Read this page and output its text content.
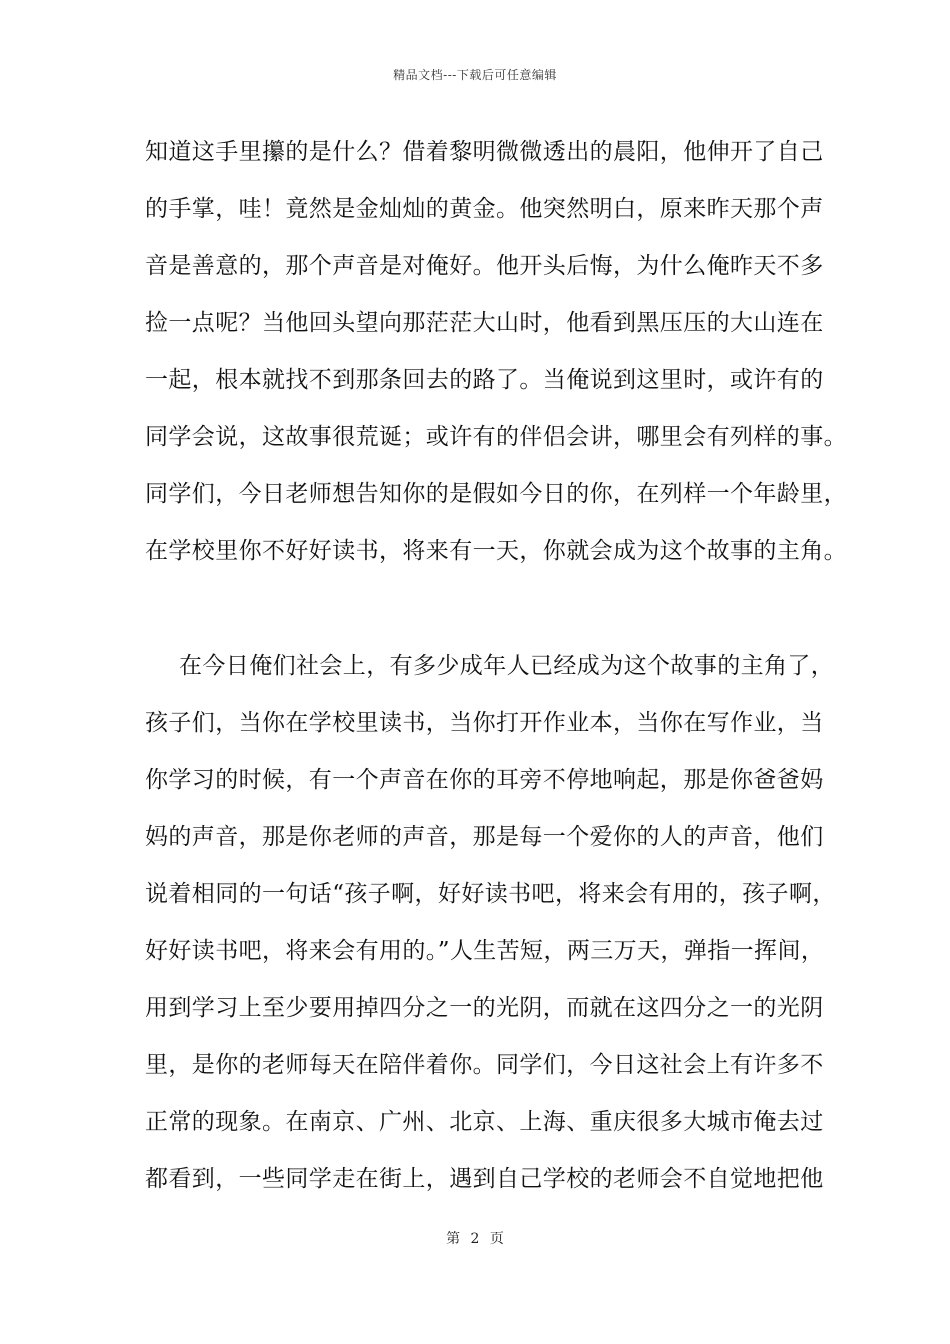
精品文档---下载后可任意编辑
知道这手里攥的是什么？借着黎明微微透出的晨阳，他伸开了自己
的手掌，哇！竟然是金灿灿的黄金。他突然明白，原来昨天那个声
音是善意的，那个声音是对俺好。他开头后悔，为什么俺昨天不多
捡一点呢？当他回头望向那茫茫大山时，他看到黑压压的大山连在
一起，根本就找不到那条回去的路了。当俺说到这里时，或许有的
同学会说，这故事很荒诞；或许有的伴侣会讲，哪里会有列样的事。
同学们，今日老师想告知你的是假如今日的你，在列样一个年龄里，
在学校里你不好好读书，将来有一天，你就会成为这个故事的主角。
在今日俺们社会上，有多少成年人已经成为这个故事的主角了，
孩子们，当你在学校里读书，当你打开作业本，当你在写作业，当
你学习的时候，有一个声音在你的耳旁不停地响起，那是你爸爸妈
妈的声音，那是你老师的声音，那是每一个爱你的人的声音，他们
说着相同的一句话“孩子啊，好好读书吧，将来会有用的，孩子啊，
好好读书吧，将来会有用的。”人生苦短，两三万天，弹指一挥间，
用到学习上至少要用掉四分之一的光阴，而就在这四分之一的光阴
里，是你的老师每天在陪伴着你。同学们，今日这社会上有许多不
正常的现象。在南京、广州、北京、上海、重庆很多大城市俺去过
都看到，一些同学走在街上，遇到自己学校的老师会不自觉地把他
第 2 页
